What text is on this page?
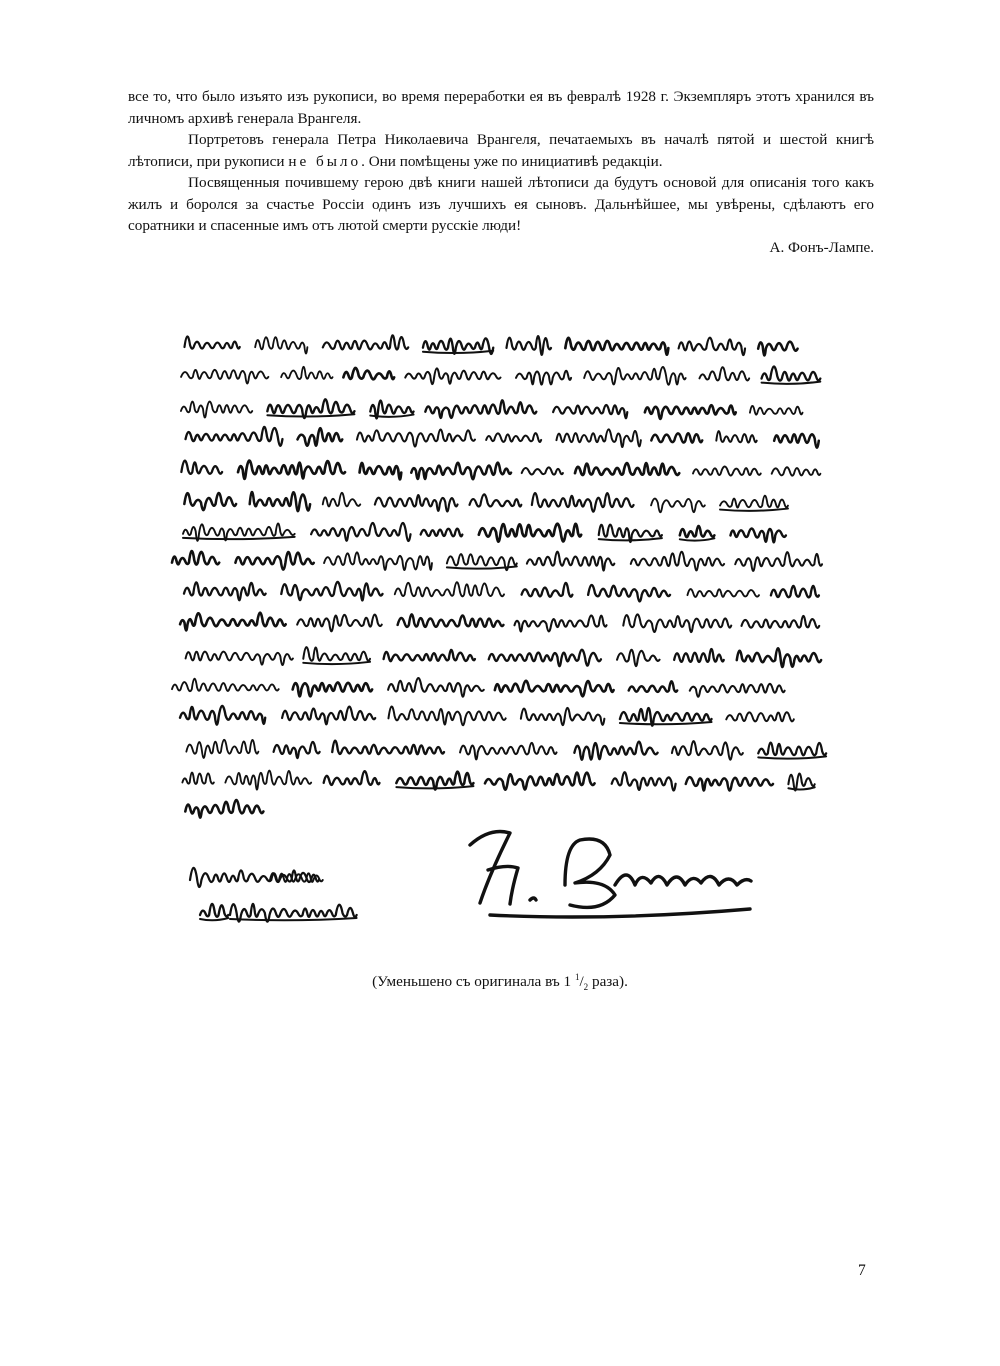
все то, что было изъято изъ рукописи, во время переработки ея въ февралѣ 1928 г. Экземпляръ этотъ хранился въ личномъ архивѣ генерала Врангеля.

Портретовъ генерала Петра Николаевича Врангеля, печатаемыхъ въ началѣ пятой и шестой книгѣ лѣтописи, при рукописи не было. Они помѣщены уже по инициативѣ редакціи.

Посвященныя почившему герою двѣ книги нашей лѣтописи да будутъ основой для описанія того какъ жилъ и боролся за счастье Россіи одинъ изъ лучшихъ ея сыновъ. Дальнѣйшее, мы увѣрены, сдѣлаютъ его соратники и спасенные имъ отъ лютой смерти русскіе люди!

А. Фонъ-Лампе.

(Уменьшено съ оригинала въ 1 $^1/_2$ раза).
7
